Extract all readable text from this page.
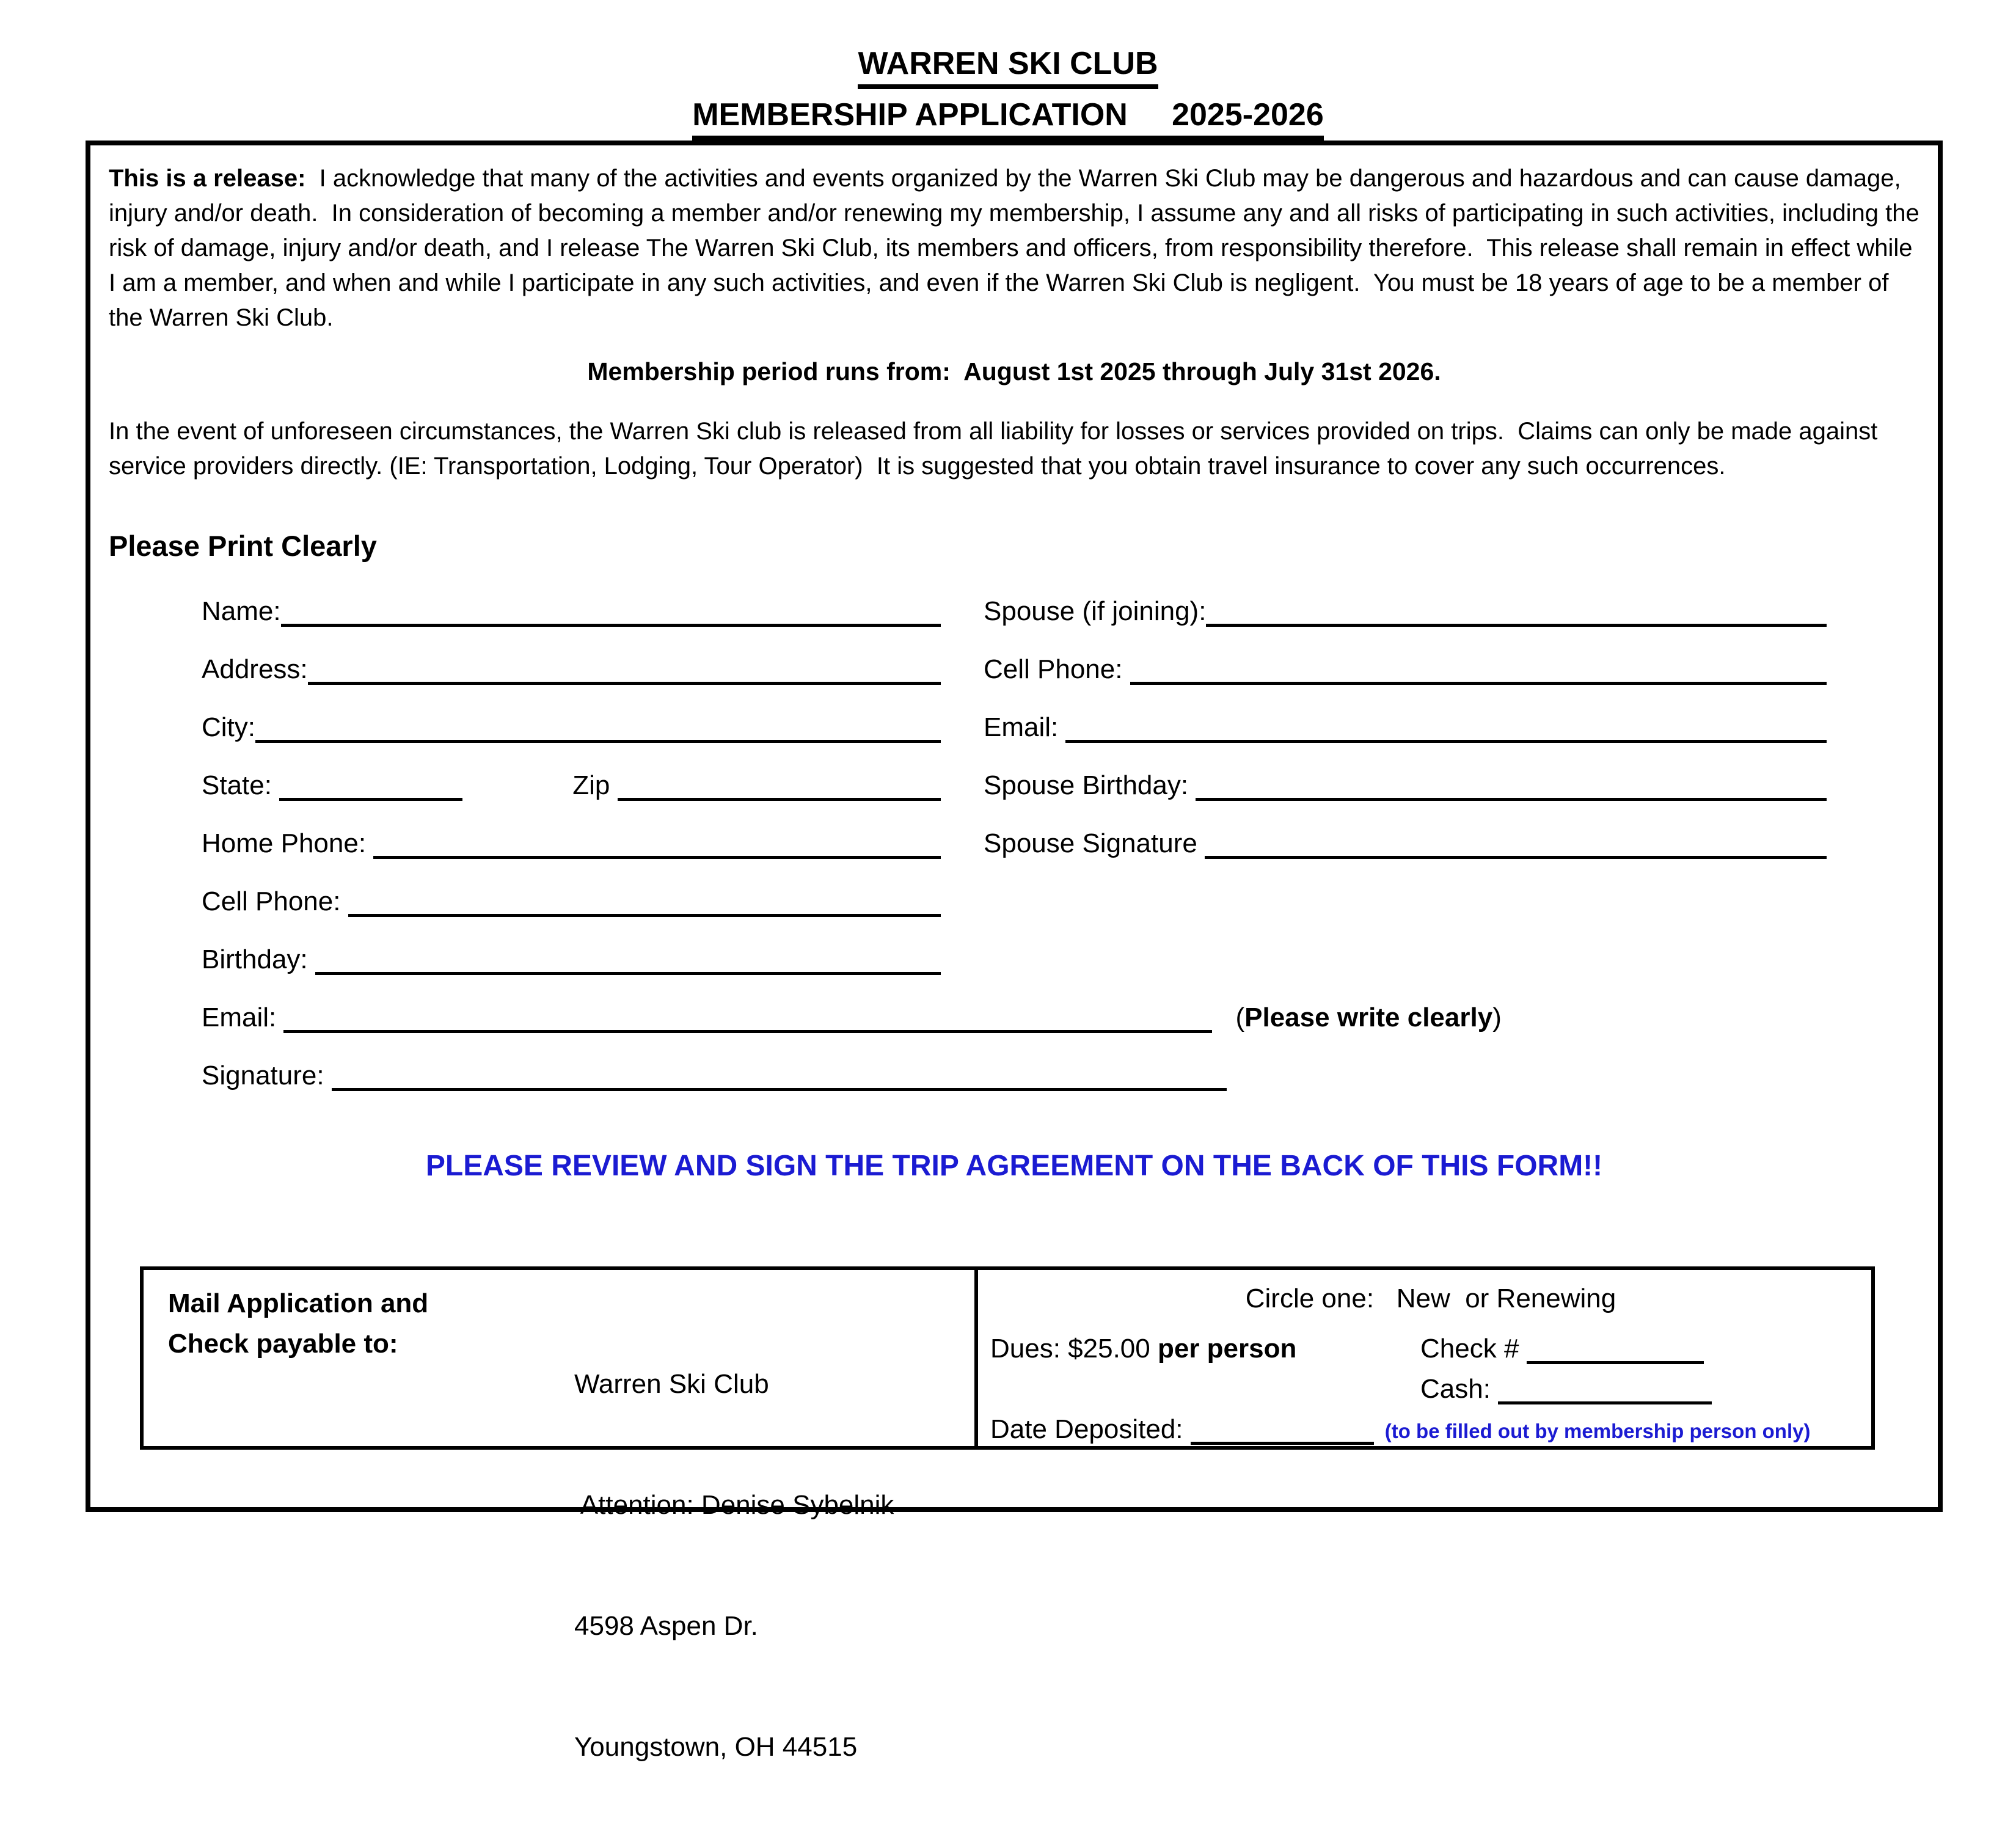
WARREN SKI CLUB
MEMBERSHIP APPLICATION     2025-2026

This is a release:  I acknowledge that many of the activities and events organized by the Warren Ski Club may be dangerous and hazardous and can cause damage, injury and/or death.  In consideration of becoming a member and/or renewing my membership, I assume any and all risks of participating in such activities, including the risk of damage, injury and/or death, and I release The Warren Ski Club, its members and officers, from responsibility therefore.  This release shall remain in effect while I am a member, and when and while I participate in any such activities, and even if the Warren Ski Club is negligent.  You must be 18 years of age to be a member of the Warren Ski Club.

Membership period runs from:  August 1st 2025 through July 31st 2026.

In the event of unforeseen circumstances, the Warren Ski club is released from all liability for losses or services provided on trips.  Claims can only be made against service providers directly. (IE: Transportation, Lodging, Tour Operator)  It is suggested that you obtain travel insurance to cover any such occurrences.

Please Print Clearly

Name:	Spouse (if joining):
Address:	Cell Phone:
City:	Email:
State:	Zip	Spouse Birthday:
Home Phone:	Spouse Signature
Cell Phone:
Birthday:
Email:	(Please write clearly)
Signature:
PLEASE REVIEW AND SIGN THE TRIP AGREEMENT ON THE BACK OF THIS FORM!!
Mail Application and
Check payable to:

Warren Ski Club

Attention: Denise Sybelnik

4598 Aspen Dr.

Youngstown, OH 44515

Circle one:   New  or Renewing
Dues: $25.00 per person	Check #
Cash:
Date Deposited:	(to be filled out by membership person only)
